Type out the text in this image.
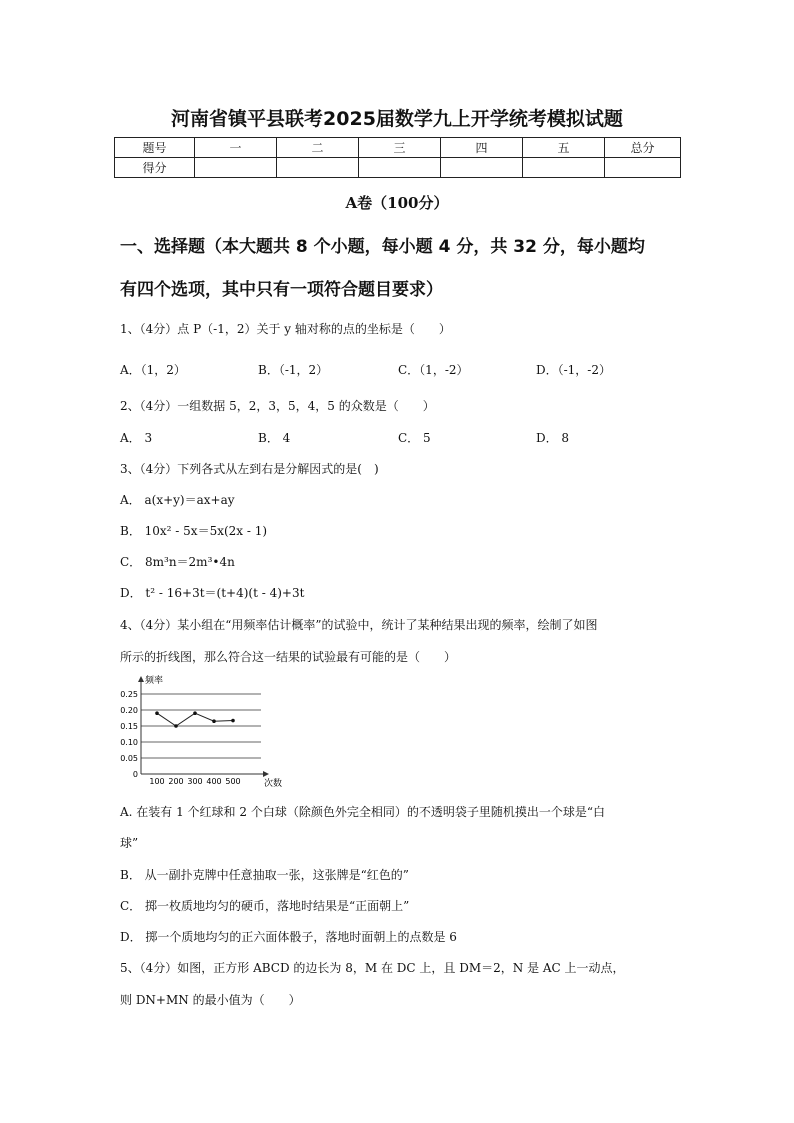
河南省镇平县联考2025届数学九上开学统考模拟试题
题号	一	二	三	四	五	总分
得分						
A卷（100分）
一、选择题（本大题共 8 个小题，每小题 4 分，共 32 分，每小题均
有四个选项，其中只有一项符合题目要求）
1、（4分）点 P（-1，2）关于 y 轴对称的点的坐标是（　　）
A．（1，2）	B．（-1，2）	C．（1，-2）	D．（-1，-2）
2、（4分）一组数据 5，2，3，5，4，5 的众数是（　　）
A． 3	B． 4	C． 5	D． 8
3、（4分）下列各式从左到右是分解因式的是(　)
A． a(x+y)＝ax+ay
B． 10x² - 5x＝5x(2x - 1)
C． 8m³n＝2m³•4n
D． t² - 16+3t＝(t+4)(t - 4)+3t
4、（4分）某小组在“用频率估计概率”的试验中，统计了某种结果出现的频率，绘制了如图
所示的折线图，那么符合这一结果的试验最有可能的是（　　）
频率
次数
0
0.05
0.10
0.15
0.20
0.25
100 200 300 400 500
A. 在装有 1 个红球和 2 个白球（除颜色外完全相同）的不透明袋子里随机摸出一个球是“白
球”
B． 从一副扑克牌中任意抽取一张，这张牌是“红色的”
C． 掷一枚质地均匀的硬币，落地时结果是“正面朝上”
D． 掷一个质地均匀的正六面体骰子，落地时面朝上的点数是 6
5、（4分）如图，正方形 ABCD 的边长为 8，M 在 DC 上，且 DM＝2，N 是 AC 上一动点，
则 DN+MN 的最小值为（　　）
